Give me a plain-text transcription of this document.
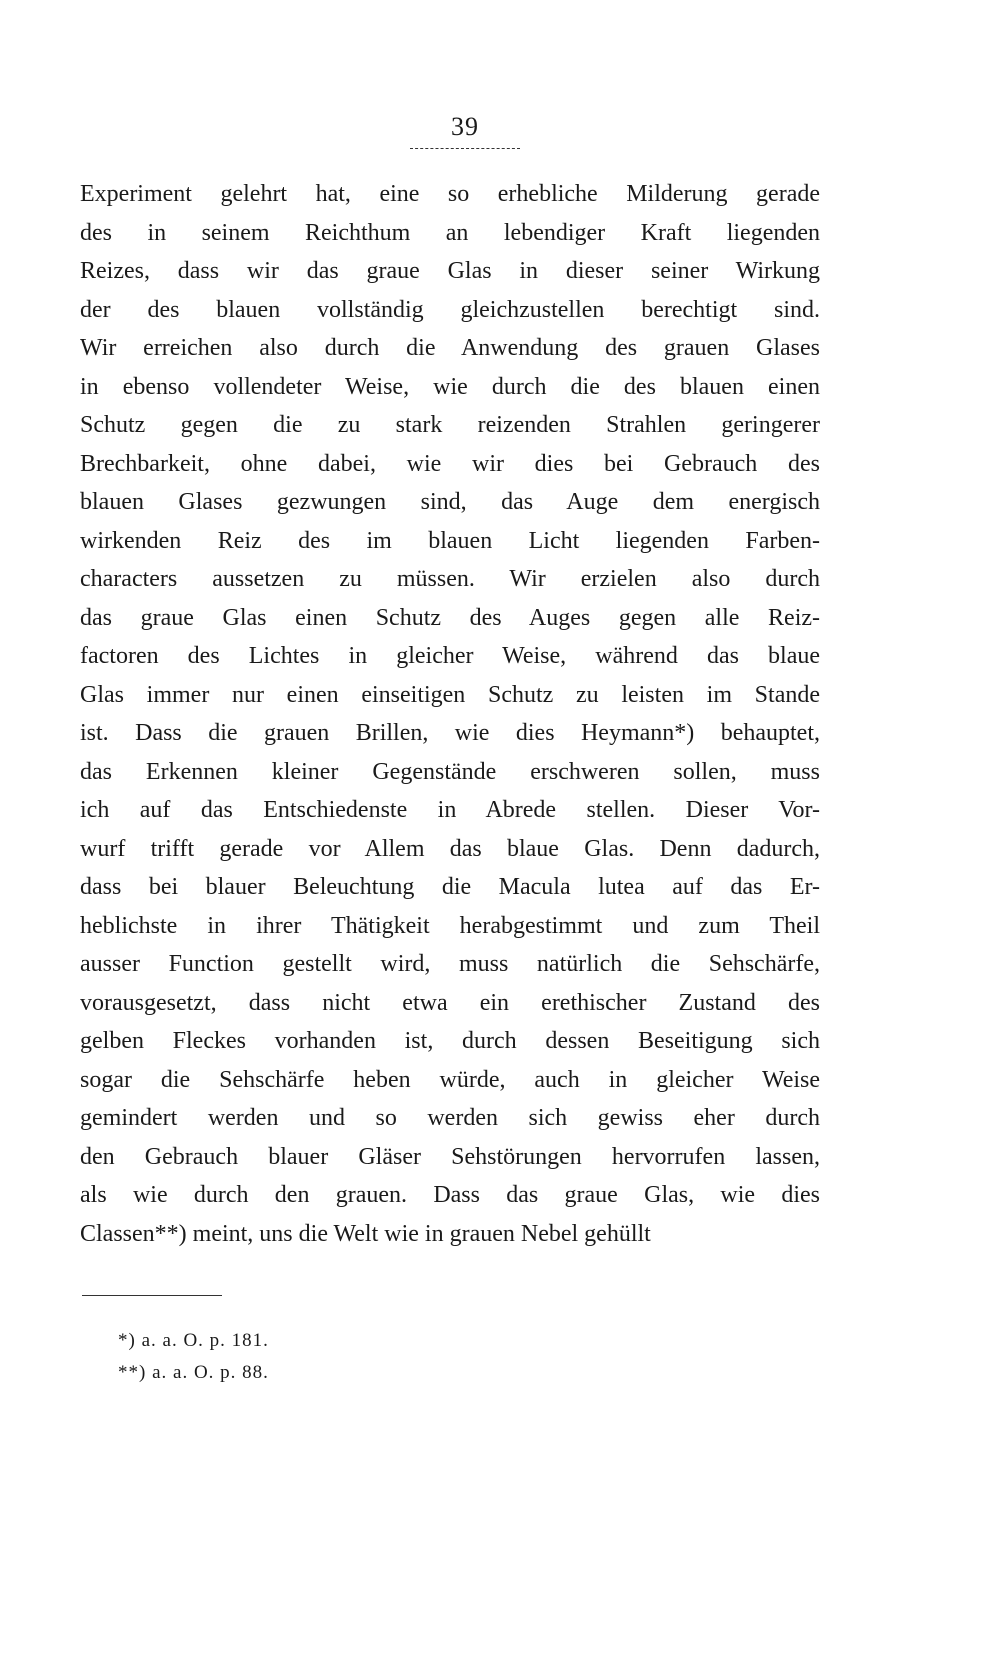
39
Experiment gelehrt hat, eine so erhebliche Milderung gerade
des in seinem Reichthum an lebendiger Kraft liegenden
Reizes, dass wir das graue Glas in dieser seiner Wirkung
der des blauen vollständig gleichzustellen berechtigt sind.
Wir erreichen also durch die Anwendung des grauen Glases
in ebenso vollendeter Weise, wie durch die des blauen einen
Schutz gegen die zu stark reizenden Strahlen geringerer
Brechbarkeit, ohne dabei, wie wir dies bei Gebrauch des
blauen Glases gezwungen sind, das Auge dem energisch
wirkenden Reiz des im blauen Licht liegenden Farben-
characters aussetzen zu müssen. Wir erzielen also durch
das graue Glas einen Schutz des Auges gegen alle Reiz-
factoren des Lichtes in gleicher Weise, während das blaue
Glas immer nur einen einseitigen Schutz zu leisten im Stande
ist. Dass die grauen Brillen, wie dies Heymann*) behauptet,
das Erkennen kleiner Gegenstände erschweren sollen, muss
ich auf das Entschiedenste in Abrede stellen. Dieser Vor-
wurf trifft gerade vor Allem das blaue Glas. Denn dadurch,
dass bei blauer Beleuchtung die Macula lutea auf das Er-
heblichste in ihrer Thätigkeit herabgestimmt und zum Theil
ausser Function gestellt wird, muss natürlich die Sehschärfe,
vorausgesetzt, dass nicht etwa ein erethischer Zustand des
gelben Fleckes vorhanden ist, durch dessen Beseitigung sich
sogar die Sehschärfe heben würde, auch in gleicher Weise
gemindert werden und so werden sich gewiss eher durch
den Gebrauch blauer Gläser Sehstörungen hervorrufen lassen,
als wie durch den grauen. Dass das graue Glas, wie dies
Classen**) meint, uns die Welt wie in grauen Nebel gehüllt
*) a. a. O. p. 181.
**) a. a. O. p. 88.
